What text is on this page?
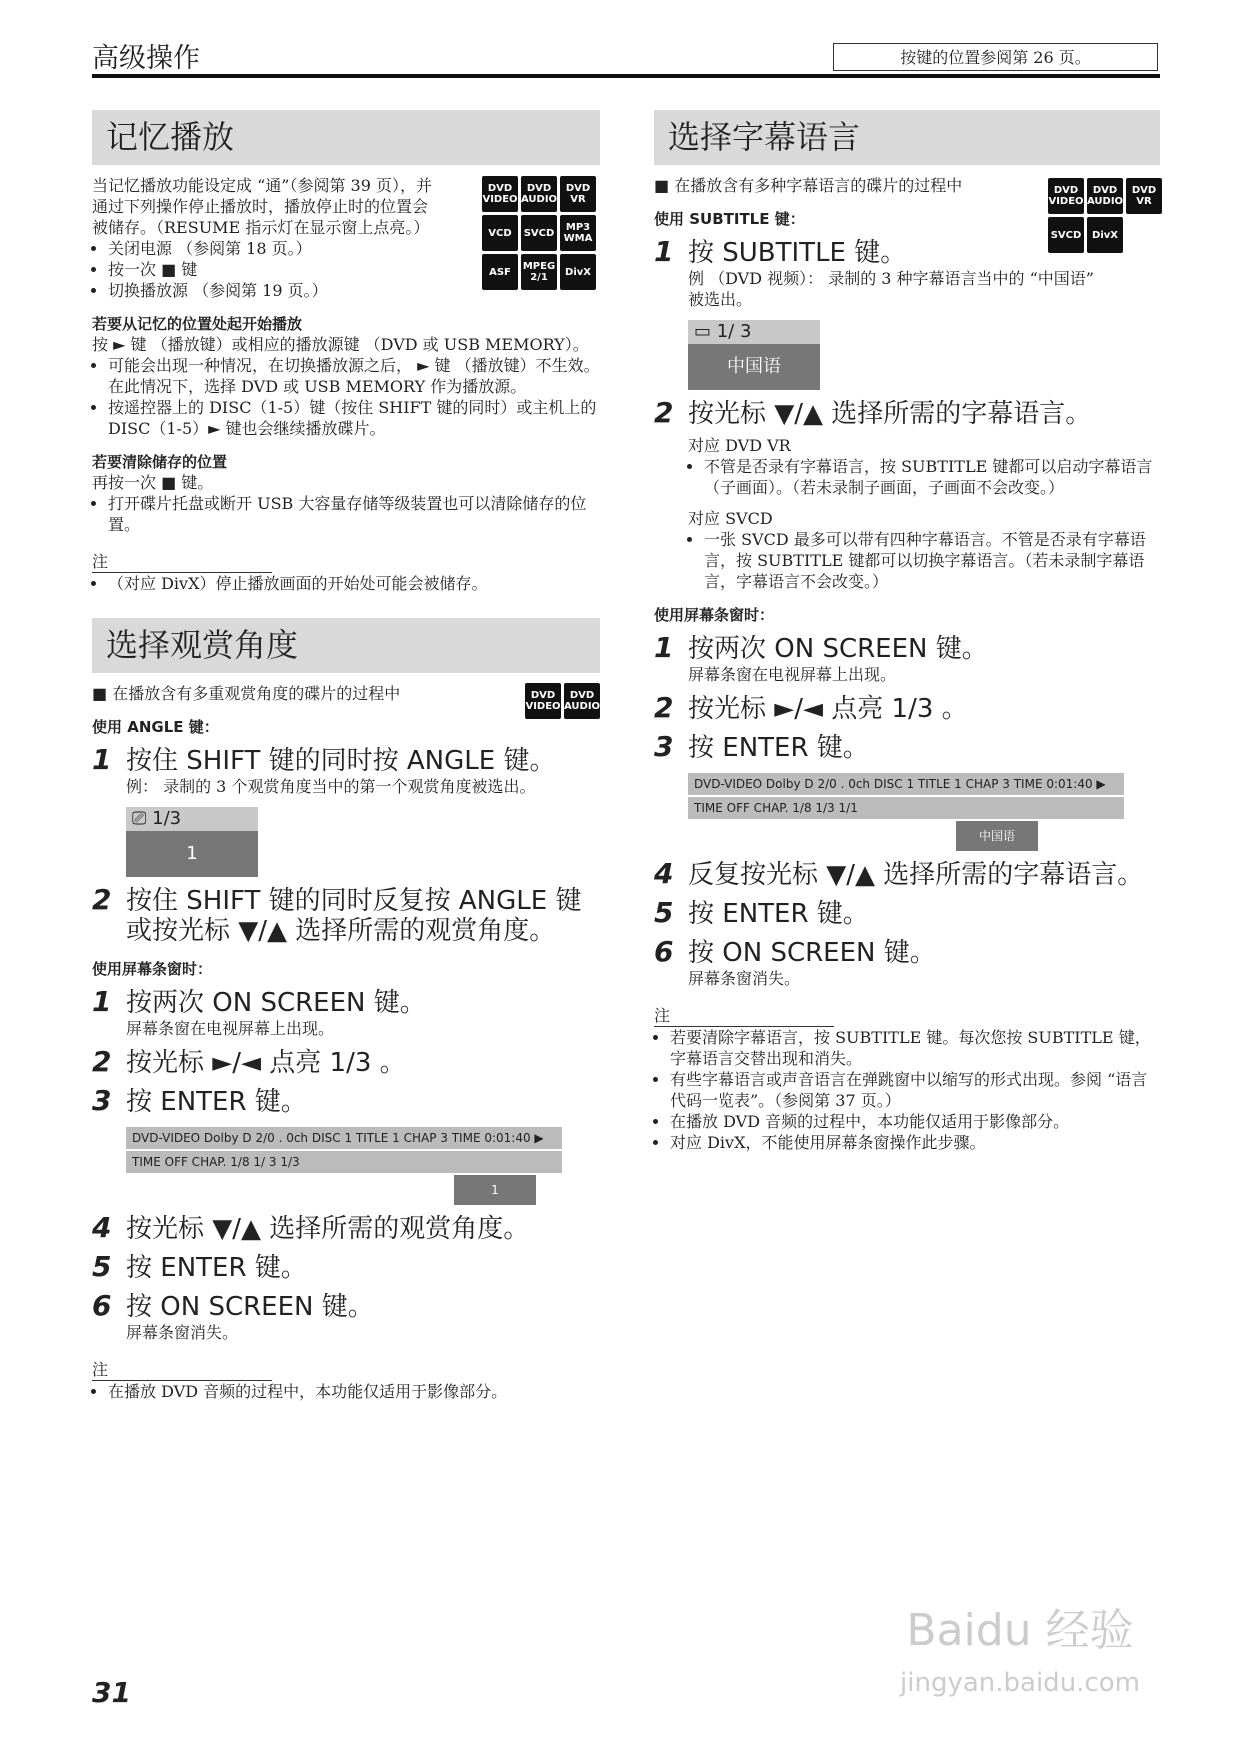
高级操作	按键的位置参阅第 26 页。
记忆播放

当记忆播放功能设定成 “通”（参阅第 39 页），并通过下列操作停止播放时，播放停止时的位置会被储存。（RESUME 指示灯在显示窗上点亮。）

• 关闭电源 （参阅第 18 页。）
• 按一次 ■ 键
• 切换播放源 （参阅第 19 页。）
DVD VIDEO
DVD AUDIO
DVD VR
VCD	SVCD	MP3 WMA
ASF	MPEG 2/1	DivX
若要从记忆的位置处起开始播放

按 ► 键 （播放键）或相应的播放源键 （DVD 或 USB MEMORY）。

• 可能会出现一种情况，在切换播放源之后， ► 键 （播放键）不生效。 在此情况下，选择 DVD 或 USB MEMORY 作为播放源。
• 按遥控器上的 DISC（1-5）键（按住 SHIFT 键的同时）或主机上的 DISC（1-5）► 键也会继续播放碟片。
若要清除储存的位置

再按一次 ■ 键。

• 打开碟片托盘或断开 USB 大容量存储等级装置也可以清除储存的位置。
注
• （对应 DivX）停止播放画面的开始处可能会被储存。
选择观赏角度

■ 在播放含有多重观赏角度的碟片的过程中	DVD VIDEO
DVD AUDIO
使用 ANGLE 键：
1 按住 SHIFT 键的同时按 ANGLE 键。

例： 录制的 3 个观赏角度当中的第一个观赏角度被选出。

⎚ 1/3
1
2 按住 SHIFT 键的同时反复按 ANGLE 键或按光标 ▼/▲ 选择所需的观赏角度。
使用屏幕条窗时：
1 按两次 ON SCREEN 键。

屏幕条窗在电视屏幕上出现。

2 按光标 ►/◄ 点亮 1/3 。
3 按 ENTER 键。
DVD-VIDEO Dolby D 2/0 . 0ch DISC 1 TITLE 1 CHAP 3 TIME 0:01:40 ▶
TIME OFF CHAP. 1/8 1/ 3 1/3
1
4 按光标 ▼/▲ 选择所需的观赏角度。
5 按 ENTER 键。
6 按 ON SCREEN 键。

屏幕条窗消失。

注
• 在播放 DVD 音频的过程中，本功能仅适用于影像部分。
选择字幕语言

■ 在播放含有多种字幕语言的碟片的过程中	DVD VIDEO
DVD AUDIO
DVD VR
SVCD	DivX
使用 SUBTITLE 键：
1 按 SUBTITLE 键。

例 （DVD 视频）： 录制的 3 种字幕语言当中的 “中国语” 被选出。

▭ 1/ 3
中国语
2 按光标 ▼/▲ 选择所需的字幕语言。

对应 DVD VR

• 不管是否录有字幕语言，按 SUBTITLE 键都可以启动字幕语言 （子画面）。（若未录制子画面，子画面不会改变。）

对应 SVCD

• 一张 SVCD 最多可以带有四种字幕语言。不管是否录有字幕语言，按 SUBTITLE 键都可以切换字幕语言。（若未录制字幕语言，字幕语言不会改变。）
使用屏幕条窗时：
1 按两次 ON SCREEN 键。

屏幕条窗在电视屏幕上出现。

2 按光标 ►/◄ 点亮 1/3 。
3 按 ENTER 键。
DVD-VIDEO Dolby D 2/0 . 0ch DISC 1 TITLE 1 CHAP 3 TIME 0:01:40 ▶
TIME OFF CHAP. 1/8 1/3 1/1
中国语
4 反复按光标 ▼/▲ 选择所需的字幕语言。
5 按 ENTER 键。
6 按 ON SCREEN 键。

屏幕条窗消失。

注
• 若要清除字幕语言，按 SUBTITLE 键。每次您按 SUBTITLE 键， 字幕语言交替出现和消失。
• 有些字幕语言或声音语言在弹跳窗中以缩写的形式出现。参阅 “语言代码一览表”。（参阅第 37 页。）
• 在播放 DVD 音频的过程中，本功能仅适用于影像部分。
• 对应 DivX，不能使用屏幕条窗操作此步骤。
31
Baidu 经验
jingyan.baidu.com
